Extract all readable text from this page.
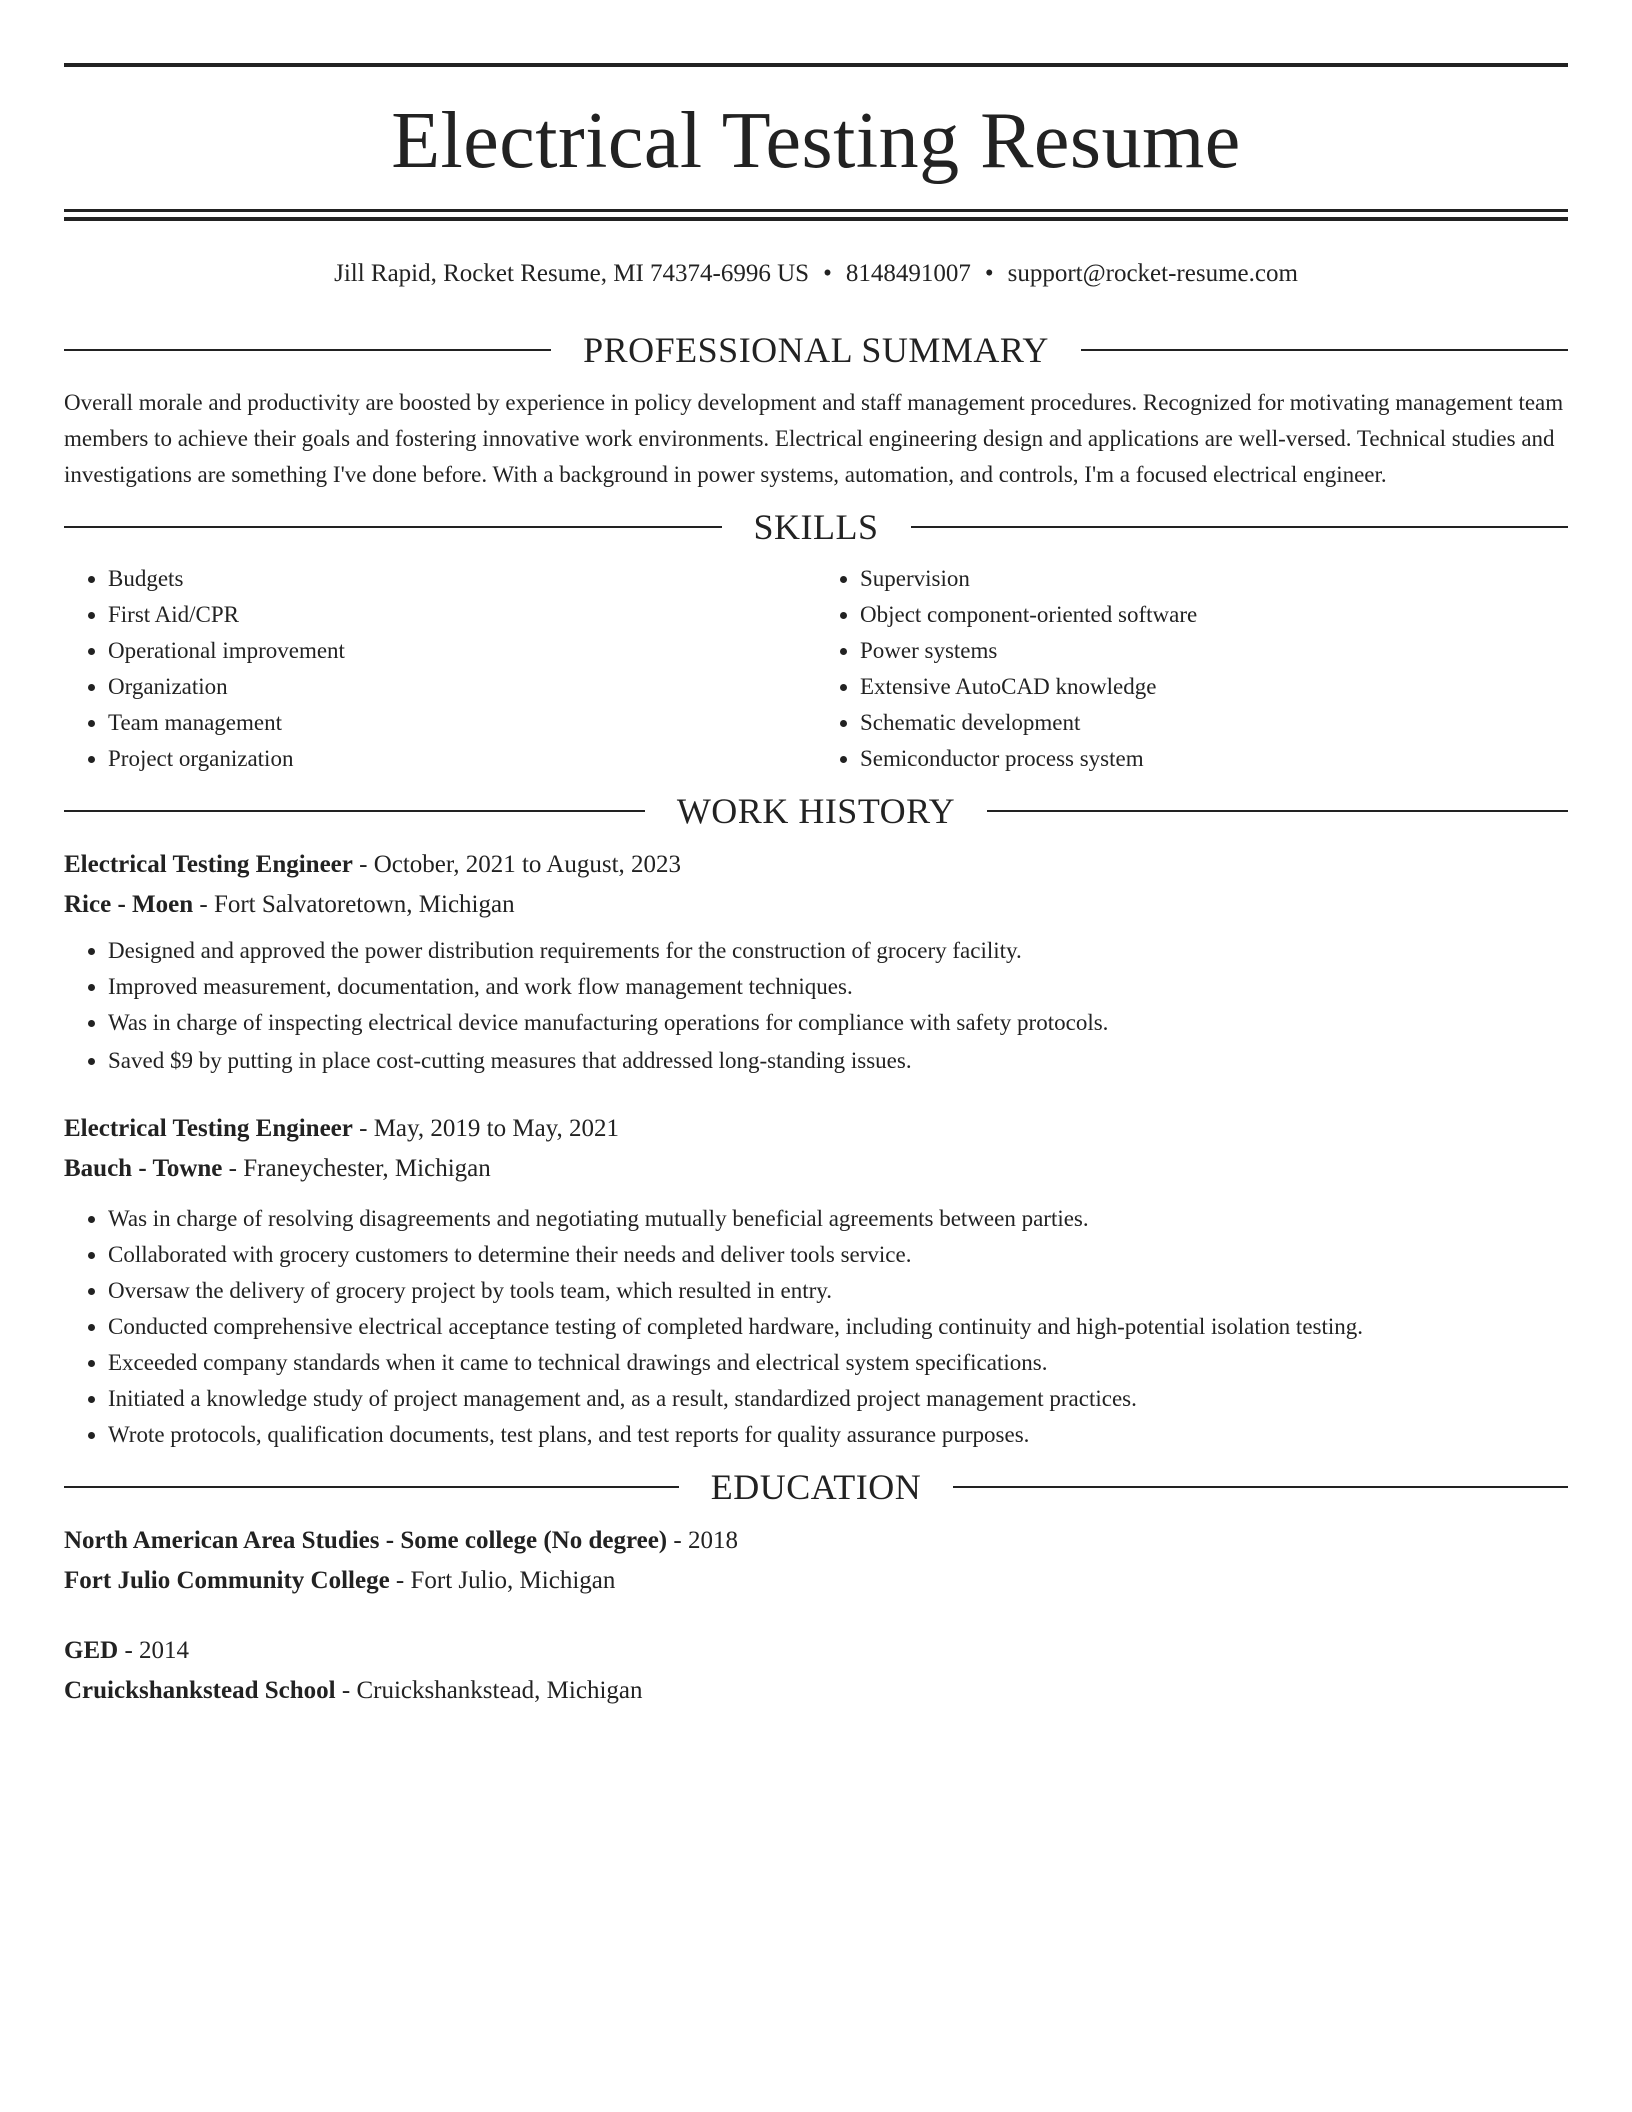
Electrical Testing Resume
Jill Rapid, Rocket Resume, MI 74374-6996 US • 8148491007 • support@rocket-resume.com
PROFESSIONAL SUMMARY

Overall morale and productivity are boosted by experience in policy development and staff management procedures. Recognized for motivating management team members to achieve their goals and fostering innovative work environments. Electrical engineering design and applications are well-versed. Technical studies and investigations are something I've done before. With a background in power systems, automation, and controls, I'm a focused electrical engineer.

SKILLS
• Budgets
• First Aid/CPR
• Operational improvement
• Organization
• Team management
• Project organization
• Supervision
• Object component-oriented software
• Power systems
• Extensive AutoCAD knowledge
• Schematic development
• Semiconductor process system
WORK HISTORY
Electrical Testing Engineer - October, 2021 to August, 2023
Rice - Moen - Fort Salvatoretown, Michigan
• Designed and approved the power distribution requirements for the construction of grocery facility.
• Improved measurement, documentation, and work flow management techniques.
• Was in charge of inspecting electrical device manufacturing operations for compliance with safety protocols.
• Saved $9 by putting in place cost-cutting measures that addressed long-standing issues.
Electrical Testing Engineer - May, 2019 to May, 2021
Bauch - Towne - Franeychester, Michigan
• Was in charge of resolving disagreements and negotiating mutually beneficial agreements between parties.
• Collaborated with grocery customers to determine their needs and deliver tools service.
• Oversaw the delivery of grocery project by tools team, which resulted in entry.
• Conducted comprehensive electrical acceptance testing of completed hardware, including continuity and high-potential isolation testing.
• Exceeded company standards when it came to technical drawings and electrical system specifications.
• Initiated a knowledge study of project management and, as a result, standardized project management practices.
• Wrote protocols, qualification documents, test plans, and test reports for quality assurance purposes.
EDUCATION
North American Area Studies - Some college (No degree) - 2018
Fort Julio Community College - Fort Julio, Michigan
GED - 2014
Cruickshankstead School - Cruickshankstead, Michigan
